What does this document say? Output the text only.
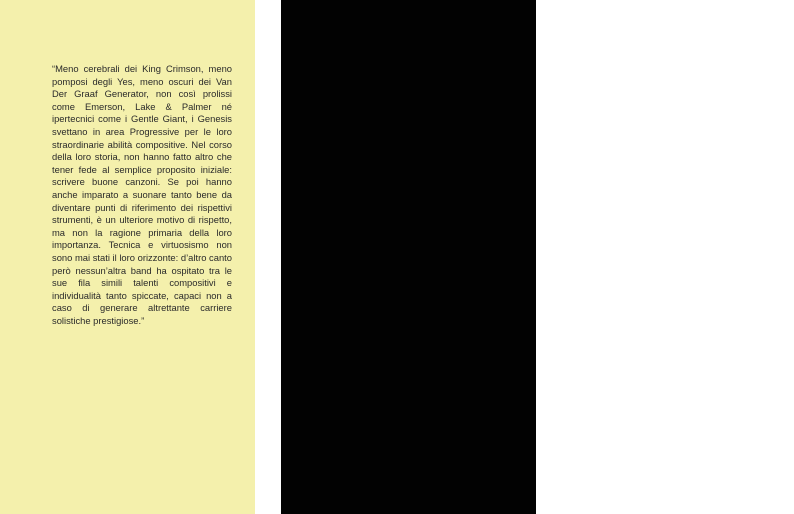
“Meno cerebrali dei King Crimson, meno pomposi degli Yes, meno oscuri dei Van Der Graaf Generator, non così prolissi come Emerson, Lake & Palmer né ipertecnici come i Gentle Giant, i Genesis svettano in area Progressive per le loro straordinarie abilità compositive. Nel corso della loro storia, non hanno fatto altro che tener fede al semplice proposito iniziale: scrivere buone canzoni. Se poi hanno anche imparato a suonare tanto bene da diventare punti di riferimento dei rispettivi strumenti, è un ulteriore motivo di rispetto, ma non la ragione primaria della loro importanza. Tecnica e virtuosismo non sono mai stati il loro orizzonte: d’altro canto però nessun’altra band ha ospitato tra le sue fila simili talenti compositivi e individualità tanto spiccate, capaci non a caso di generare altrettante carriere solistiche prestigiose.”

Mario Giammetti è critico musicale dal 1988 per numerose testate nazionali, fra cui Ciao 2001, Rockstar, Freequency e Jam. Nel 1991 ha fondato Dusk (www.dusk.it), unica rivista cartacea al mondo dedicata ai Genesis. Questo è il suo undicesimo libro legato alla galassia Genesis.

Foto in copertina:
elaborazione digitale da © David Gahr/Getty Images
